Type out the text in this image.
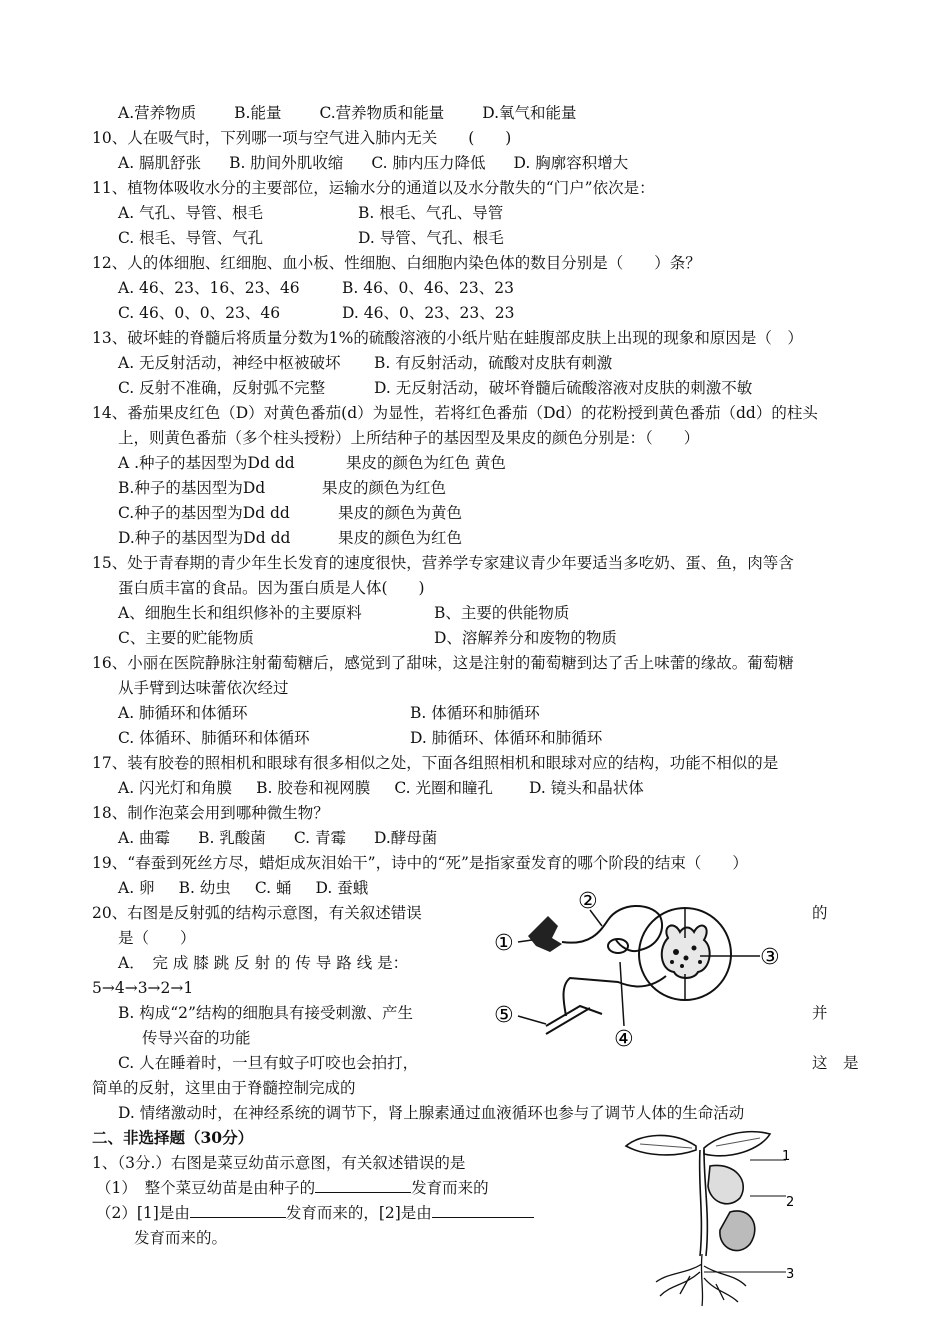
A.营养物质 B.能量 C.营养物质和能量 D.氧气和能量
10、人在吸气时，下列哪一项与空气进入肺内无关　　(　　)
A. 膈肌舒张 B. 肋间外肌收缩 C. 肺内压力降低 D. 胸廓容积增大
11、植物体吸收水分的主要部位，运输水分的通道以及水分散失的“门户”依次是：
A. 气孔、导管、根毛	B. 根毛、气孔、导管
C. 根毛、导管、气孔	D. 导管、气孔、根毛
12、人的体细胞、红细胞、血小板、性细胞、白细胞内染色体的数目分别是（　　）条？
A. 46、23、16、23、46	B. 46、0、46、23、23
C. 46、0、0、23、46	D. 46、0、23、23、23
13、破坏蛙的脊髓后将质量分数为1%的硫酸溶液的小纸片贴在蛙腹部皮肤上出现的现象和原因是（　）
A. 无反射活动，神经中枢被破坏 B. 有反射活动，硫酸对皮肤有刺激
C. 反射不准确，反射弧不完整	D. 无反射活动，破坏脊髓后硫酸溶液对皮肤的刺激不敏
14、番茄果皮红色（D）对黄色番茄(d）为显性，若将红色番茄（Dd）的花粉授到黄色番茄（dd）的柱头
上，则黄色番茄（多个柱头授粉）上所结种子的基因型及果皮的颜色分别是：（　　）
A .种子的基因型为Dd dd	果皮的颜色为红色 黄色
B.种子的基因型为Dd	果皮的颜色为红色
C.种子的基因型为Dd dd	果皮的颜色为黄色
D.种子的基因型为Dd dd	果皮的颜色为红色
15、处于青春期的青少年生长发育的速度很快，营养学专家建议青少年要适当多吃奶、蛋、鱼，肉等含
蛋白质丰富的食品。因为蛋白质是人体(　　)
A、细胞生长和组织修补的主要原料	B、主要的供能物质
C、主要的贮能物质	D、溶解养分和废物的物质
16、小丽在医院静脉注射葡萄糖后，感觉到了甜味，这是注射的葡萄糖到达了舌上味蕾的缘故。葡萄糖
从手臂到达味蕾依次经过
A. 肺循环和体循环	B. 体循环和肺循环
C. 体循环、肺循环和体循环	D. 肺循环、体循环和肺循环
17、装有胶卷的照相机和眼球有很多相似之处，下面各组照相机和眼球对应的结构，功能不相似的是
A. 闪光灯和角膜 B. 胶卷和视网膜 C. 光圈和瞳孔 D. 镜头和晶状体
18、制作泡菜会用到哪种微生物？
A. 曲霉 B. 乳酸菌 C. 青霉 D.酵母菌
19、“春蚕到死丝方尽，蜡炬成灰泪始干”，诗中的“死”是指家蚕发育的哪个阶段的结束（　　）
A. 卵 B. 幼虫 C. 蛹 D. 蚕蛾
20、右图是反射弧的结构示意图，有关叙述错误	的
是（　　）
A．　完 成 膝 跳 反 射 的 传 导 路 线 是：
5→4→3→2→1
B. 构成“2”结构的细胞具有接受刺激、产生	并
传导兴奋的功能
C. 人在睡着时，一旦有蚊子叮咬也会拍打，	这　是
简单的反射，这里由于脊髓控制完成的
D. 情绪激动时，在神经系统的调节下，肾上腺素通过血液循环也参与了调节人体的生命活动
①
②
③
④
⑤
二、非选择题（30分）
1、（3分.）右图是菜豆幼苗示意图，有关叙述错误的是
（1）　整个菜豆幼苗是由种子的	发育而来的
（2）[1]是由	发育而来的，[2]是由
发育而来的。
1
2
3
